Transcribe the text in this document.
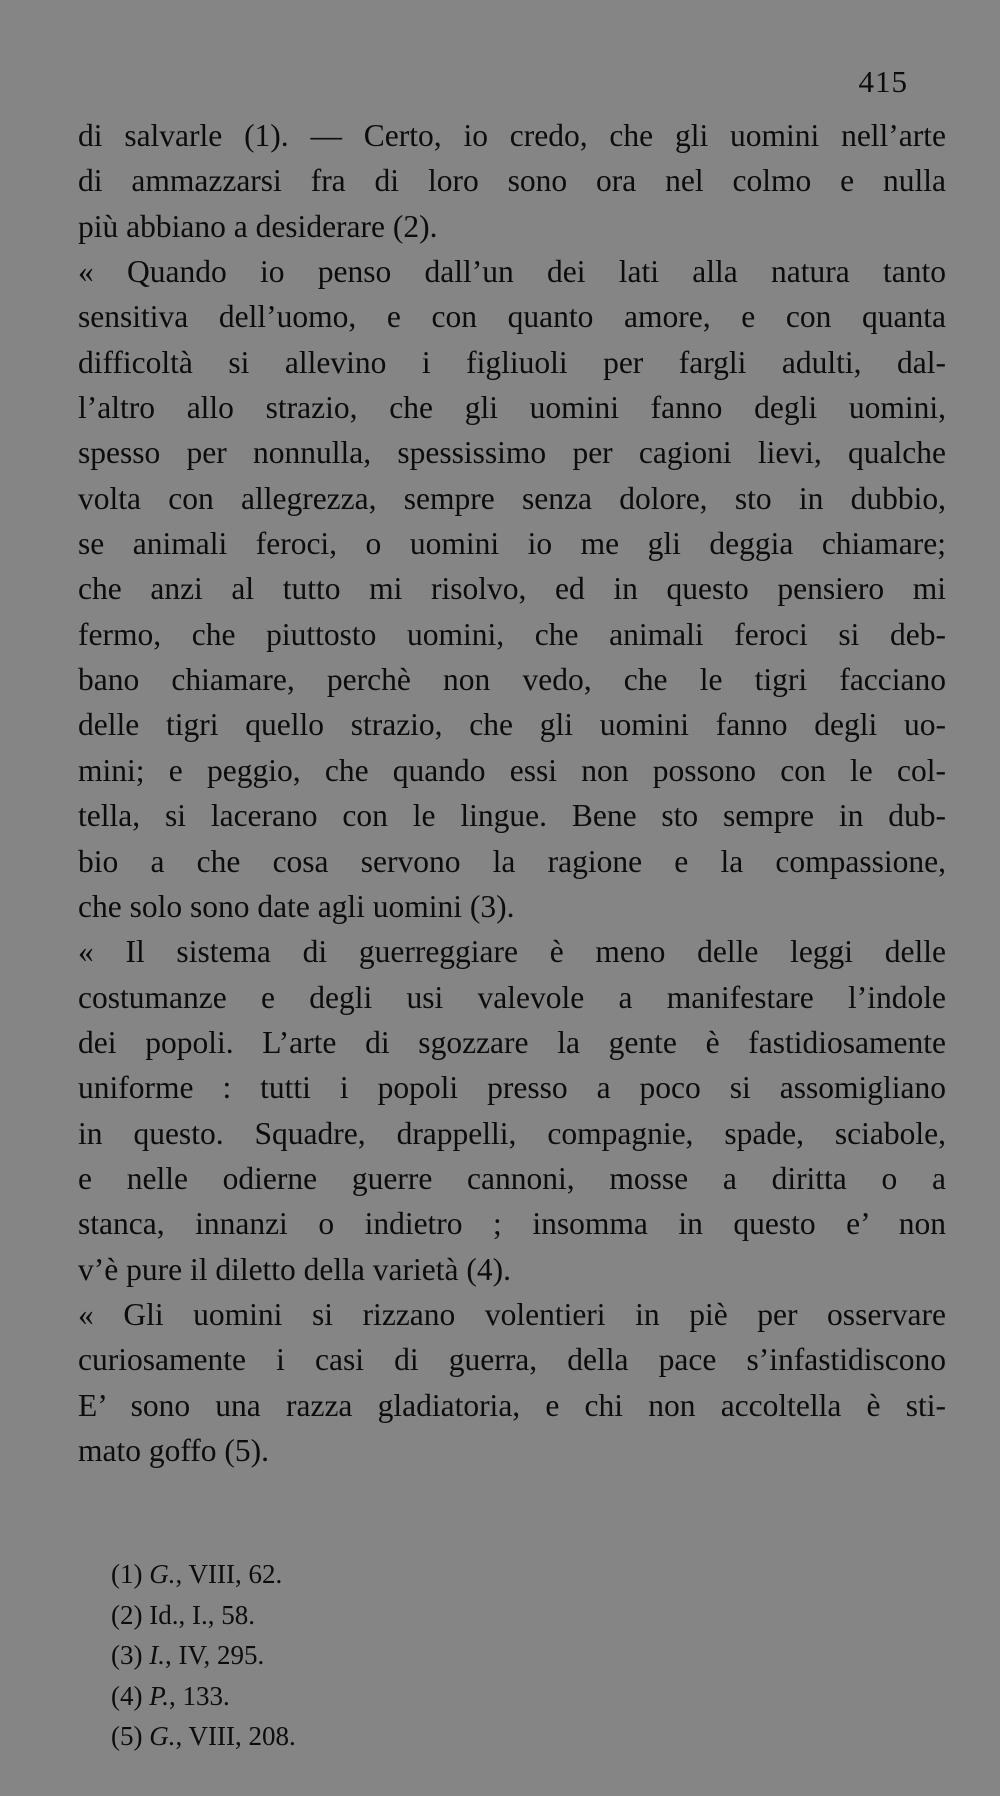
415
di salvarle (1). — Certo, io credo, che gli uomini nell’arte
di ammazzarsi fra di loro sono ora nel colmo e nulla
più abbiano a desiderare (2).
« Quando io penso dall’un dei lati alla natura tanto
sensitiva dell’uomo, e con quanto amore, e con quanta
difficoltà si allevino i figliuoli per fargli adulti, dal-
l’altro allo strazio, che gli uomini fanno degli uomini,
spesso per nonnulla, spessissimo per cagioni lievi, qualche
volta con allegrezza, sempre senza dolore, sto in dubbio,
se animali feroci, o uomini io me gli deggia chiamare;
che anzi al tutto mi risolvo, ed in questo pensiero mi
fermo, che piuttosto uomini, che animali feroci si deb-
bano chiamare, perchè non vedo, che le tigri facciano
delle tigri quello strazio, che gli uomini fanno degli uo-
mini; e peggio, che quando essi non possono con le col-
tella, si lacerano con le lingue. Bene sto sempre in dub-
bio a che cosa servono la ragione e la compassione,
che solo sono date agli uomini (3).
« Il sistema di guerreggiare è meno delle leggi delle
costumanze e degli usi valevole a manifestare l’indole
dei popoli. L’arte di sgozzare la gente è fastidiosamente
uniforme : tutti i popoli presso a poco si assomigliano
in questo. Squadre, drappelli, compagnie, spade, sciabole,
e nelle odierne guerre cannoni, mosse a diritta o a
stanca, innanzi o indietro ; insomma in questo e’ non
v’è pure il diletto della varietà (4).
« Gli uomini si rizzano volentieri in piè per osservare
curiosamente i casi di guerra, della pace s’infastidiscono
E’ sono una razza gladiatoria, e chi non accoltella è sti-
mato goffo (5).
(1) G., VIII, 62.
(2) Id., I., 58.
(3) I., IV, 295.
(4) P., 133.
(5) G., VIII, 208.
